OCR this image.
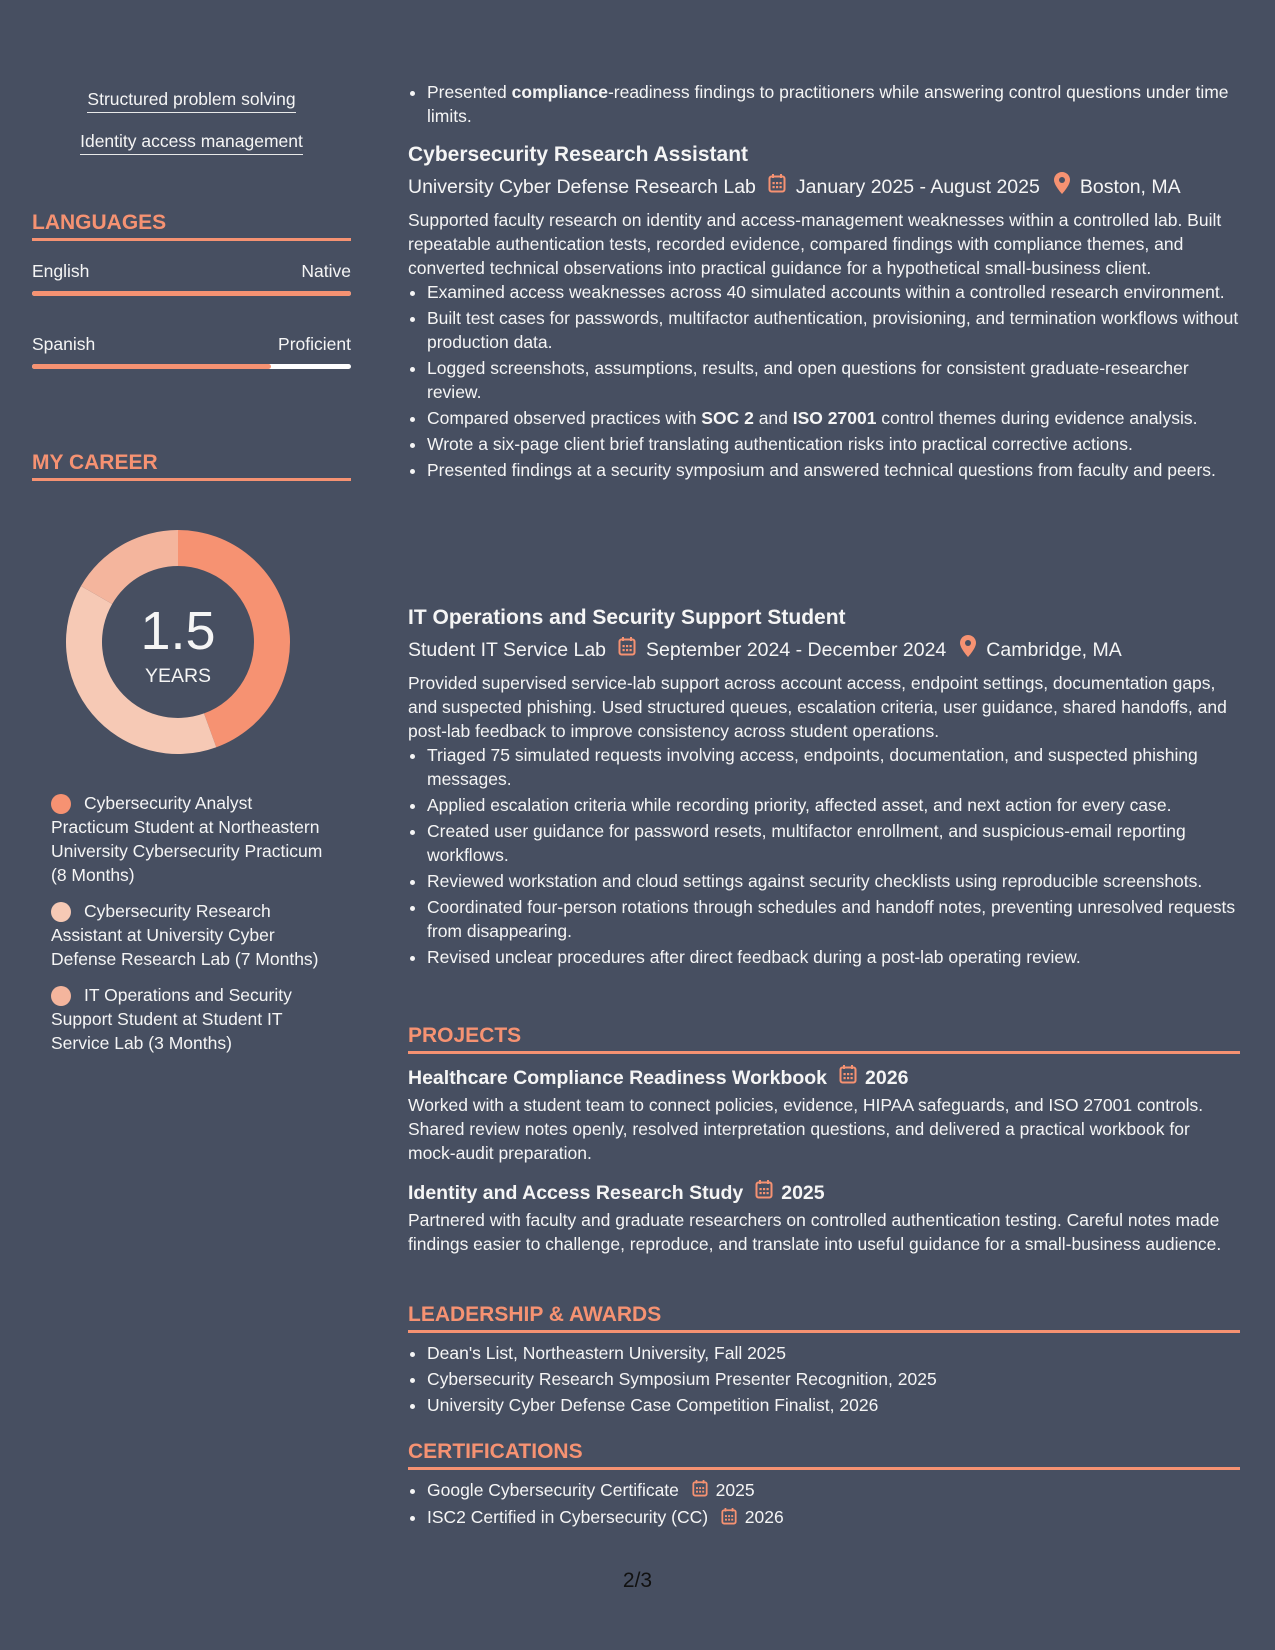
Structured problem solving
Identity access management
LANGUAGES
English	Native
Spanish	Proficient
MY CAREER
1.5
YEARS
Cybersecurity Analyst Practicum Student at Northeastern University Cybersecurity Practicum (8 Months)
Cybersecurity Research Assistant at University Cyber Defense Research Lab (7 Months)
IT Operations and Security Support Student at Student IT Service Lab (3 Months)
• Presented compliance-readiness findings to practitioners while answering control questions under time limits.
Cybersecurity Research Assistant
University Cyber Defense Research Lab January 2025 - August 2025 Boston, MA
Supported faculty research on identity and access-management weaknesses within a controlled lab. Built repeatable authentication tests, recorded evidence, compared findings with compliance themes, and converted technical observations into practical guidance for a hypothetical small-business client.
• Examined access weaknesses across 40 simulated accounts within a controlled research environment.
• Built test cases for passwords, multifactor authentication, provisioning, and termination workflows without production data.
• Logged screenshots, assumptions, results, and open questions for consistent graduate-researcher review.
• Compared observed practices with SOC 2 and ISO 27001 control themes during evidence analysis.
• Wrote a six-page client brief translating authentication risks into practical corrective actions.
• Presented findings at a security symposium and answered technical questions from faculty and peers.
IT Operations and Security Support Student
Student IT Service Lab September 2024 - December 2024 Cambridge, MA
Provided supervised service-lab support across account access, endpoint settings, documentation gaps, and suspected phishing. Used structured queues, escalation criteria, user guidance, shared handoffs, and post-lab feedback to improve consistency across student operations.
• Triaged 75 simulated requests involving access, endpoints, documentation, and suspected phishing messages.
• Applied escalation criteria while recording priority, affected asset, and next action for every case.
• Created user guidance for password resets, multifactor enrollment, and suspicious-email reporting workflows.
• Reviewed workstation and cloud settings against security checklists using reproducible screenshots.
• Coordinated four-person rotations through schedules and handoff notes, preventing unresolved requests from disappearing.
• Revised unclear procedures after direct feedback during a post-lab operating review.
PROJECTS
Healthcare Compliance Readiness Workbook 2026
Worked with a student team to connect policies, evidence, HIPAA safeguards, and ISO 27001 controls. Shared review notes openly, resolved interpretation questions, and delivered a practical workbook for mock-audit preparation.
Identity and Access Research Study 2025
Partnered with faculty and graduate researchers on controlled authentication testing. Careful notes made findings easier to challenge, reproduce, and translate into useful guidance for a small-business audience.
LEADERSHIP & AWARDS
• Dean's List, Northeastern University, Fall 2025
• Cybersecurity Research Symposium Presenter Recognition, 2025
• University Cyber Defense Case Competition Finalist, 2026
CERTIFICATIONS
• Google Cybersecurity Certificate 2025
• ISC2 Certified in Cybersecurity (CC) 2026
2/3
